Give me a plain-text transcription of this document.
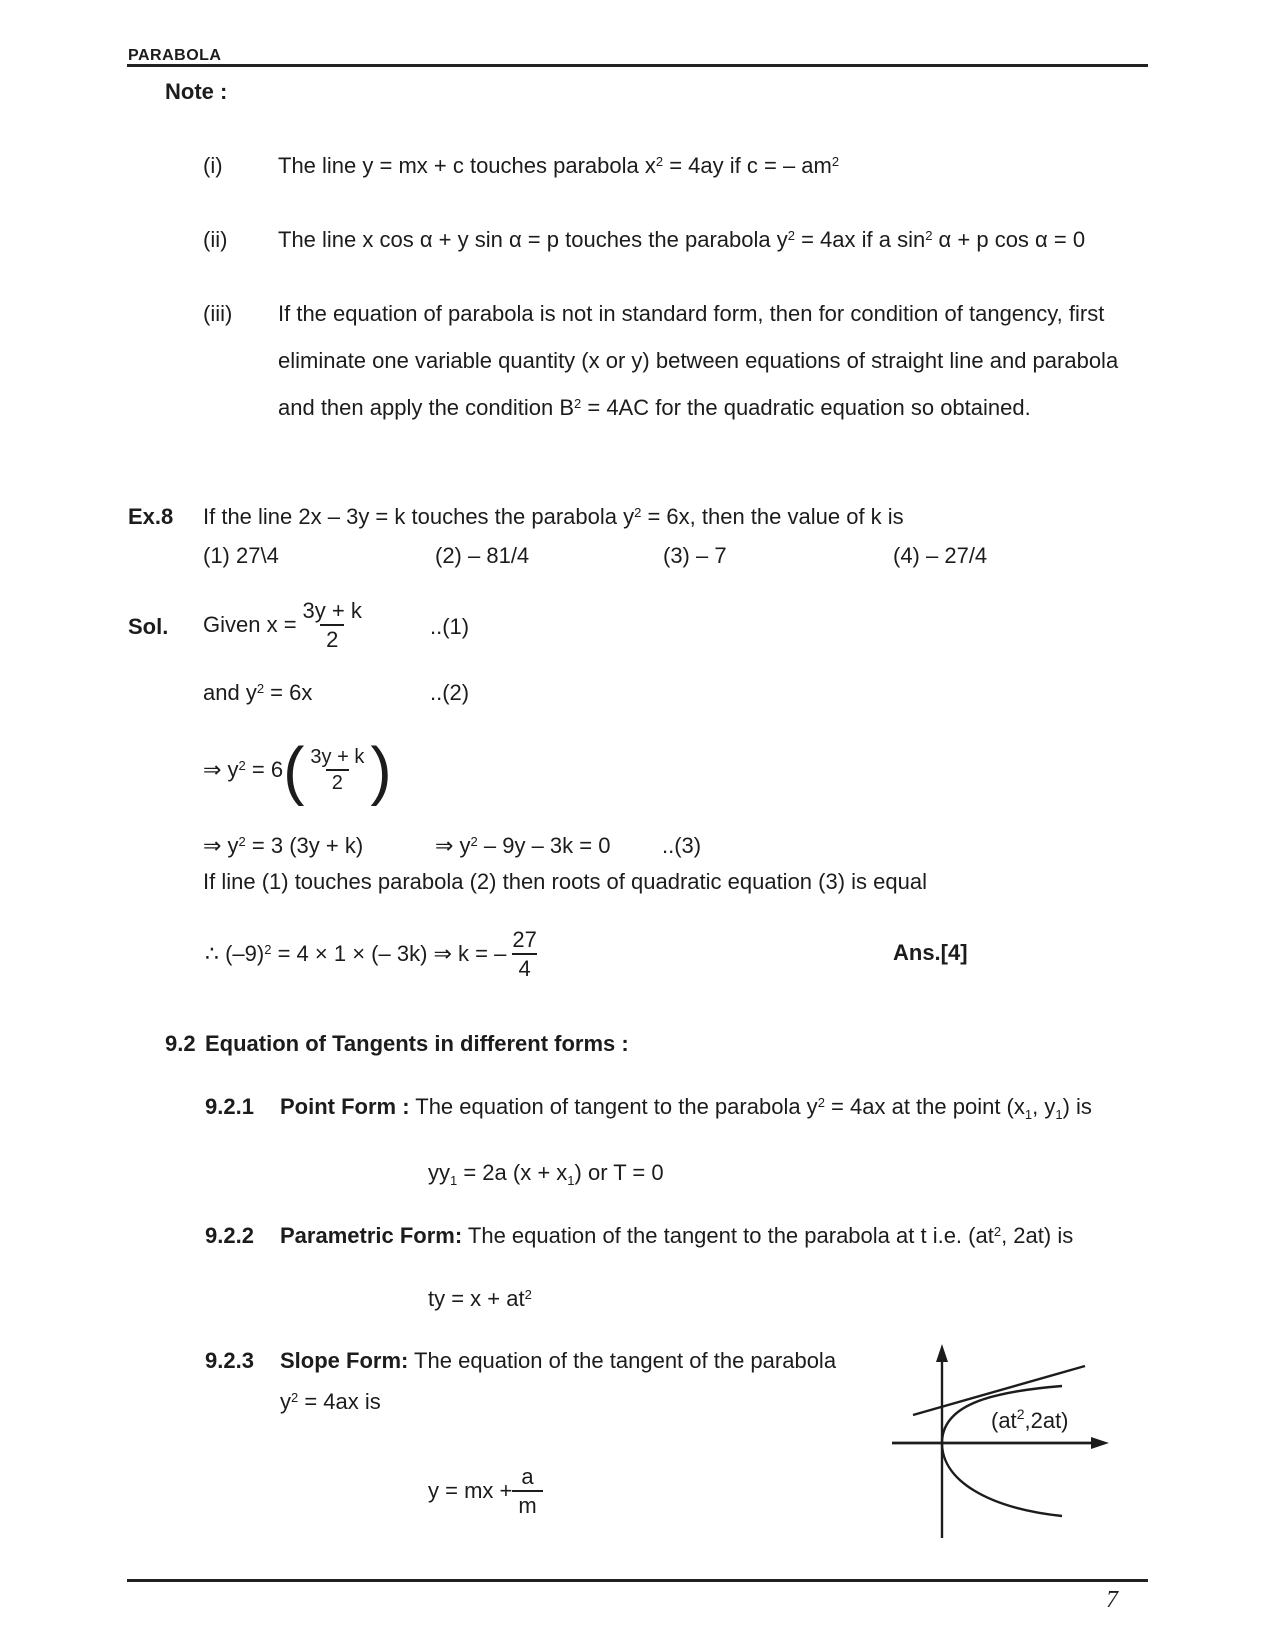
PARABOLA
Note :
(i)	The line y = mx + c touches parabola $x^2 = 4ay$ if c = – $am^2$
(ii) The line x cos α + y sin α = p touches the parabola $y^2 = 4ax$ if a $\sin^2 \alpha + p$ cos α = 0
(iii) If the equation of parabola is not in standard form, then for condition of tangency, first
eliminate one variable quantity (x or y) between equations of straight line and parabola
and then apply the condition $B^2 = 4AC$ for the quadratic equation so obtained.
Ex.8 If the line 2x – 3y = k touches the parabola $y^2 = 6x$, then the value of k is
(1) 27\4	(2) – 81/4	(3) – 7	(4) – 27/4
Sol. Given $x = \frac{3y + k}{2}$	..(1)
and $y^2 = 6x$	..(2)
⇒ $y^2 = 6$ ( $\frac{3y + k}{2}$ )
⇒ $y^2 = 3$ (3y + k)	⇒ $y^2 - 9y - 3k = 0$ ..(3)
If line (1) touches parabola (2) then roots of quadratic equation (3) is equal
∴ $(-9)^2 = 4 \times 1$ × (– 3k) ⇒ k = – $\frac{27}{4}$	Ans.[4]
9.2 Equation of Tangents in different forms :
9.2.1 Point Form : The equation of tangent to the parabola $y^2 = 4ax$ at the point ($x_1$, $y_1$) is
$yy_1 = 2a$ $(x + x_1)$ or T = 0
9.2.2 Parametric Form: The equation of the tangent to the parabola at t i.e. ($at^2$, 2at) is
ty = $x + at^2$
9.2.3 Slope Form: The equation of the tangent of the parabola
$y^2 = 4ax$ is
y = mx + $\frac{a}{m}$
$(at^2,2at)$
7
